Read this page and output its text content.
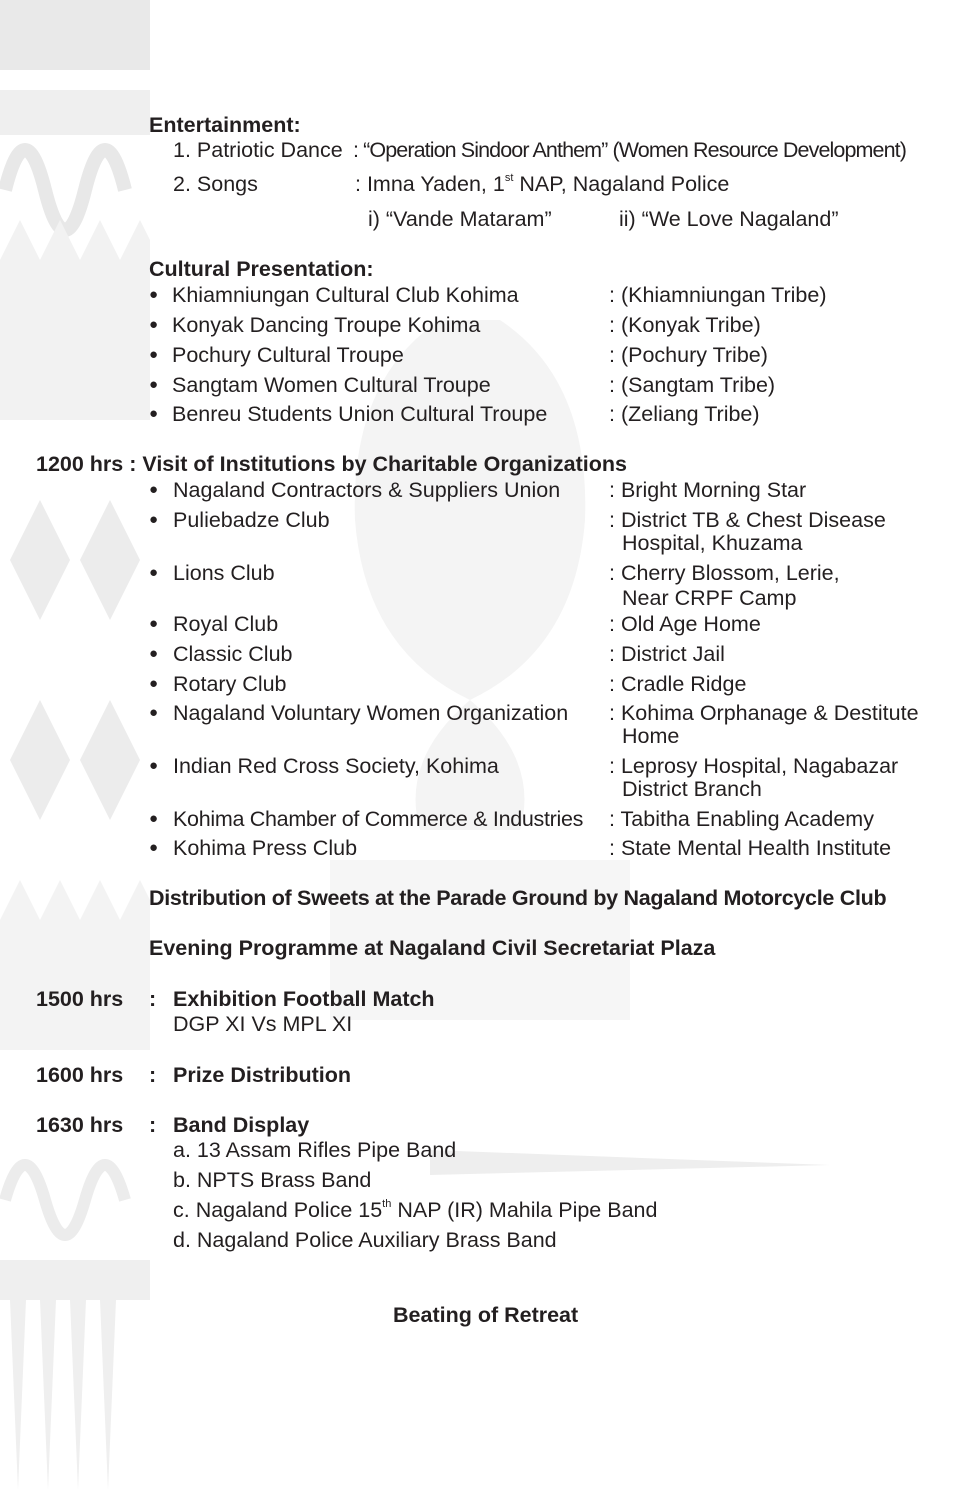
Entertainment:
1. Patriotic Dance : “Operation Sindoor Anthem” (Women Resource Development)
2. Songs	: Imna Yaden, 1st NAP, Nagaland Police
i) “Vande Mataram”	ii) “We Love Nagaland”
Cultural Presentation:
● Khiamniungan Cultural Club Kohima	: (Khiamniungan Tribe)
● Konyak Dancing Troupe Kohima	: (Konyak Tribe)
● Pochury Cultural Troupe	: (Pochury Tribe)
● Sangtam Women Cultural Troupe	: (Sangtam Tribe)
● Benreu Students Union Cultural Troupe	: (Zeliang Tribe)
1200 hrs : Visit of Institutions by Charitable Organizations
● Nagaland Contractors & Suppliers Union : Bright Morning Star
● Puliebadze Club	: District TB & Chest Disease
Hospital, Khuzama
● Lions Club	: Cherry Blossom, Lerie,
Near CRPF Camp
● Royal Club	: Old Age Home
● Classic Club	: District Jail
● Rotary Club	: Cradle Ridge
● Nagaland Voluntary Women Organization : Kohima Orphanage & Destitute
Home
● Indian Red Cross Society, Kohima	: Leprosy Hospital, Nagabazar
District Branch
● Kohima Chamber of Commerce & Industries : Tabitha Enabling Academy
● Kohima Press Club	: State Mental Health Institute
Distribution of Sweets at the Parade Ground by Nagaland Motorcycle Club
Evening Programme at Nagaland Civil Secretariat Plaza
1500 hrs : Exhibition Football Match
DGP XI Vs MPL XI
1600 hrs : Prize Distribution
1630 hrs : Band Display
a. 13 Assam Rifles Pipe Band
b. NPTS Brass Band
c. Nagaland Police 15th NAP (IR) Mahila Pipe Band
d. Nagaland Police Auxiliary Brass Band
Beating of Retreat
